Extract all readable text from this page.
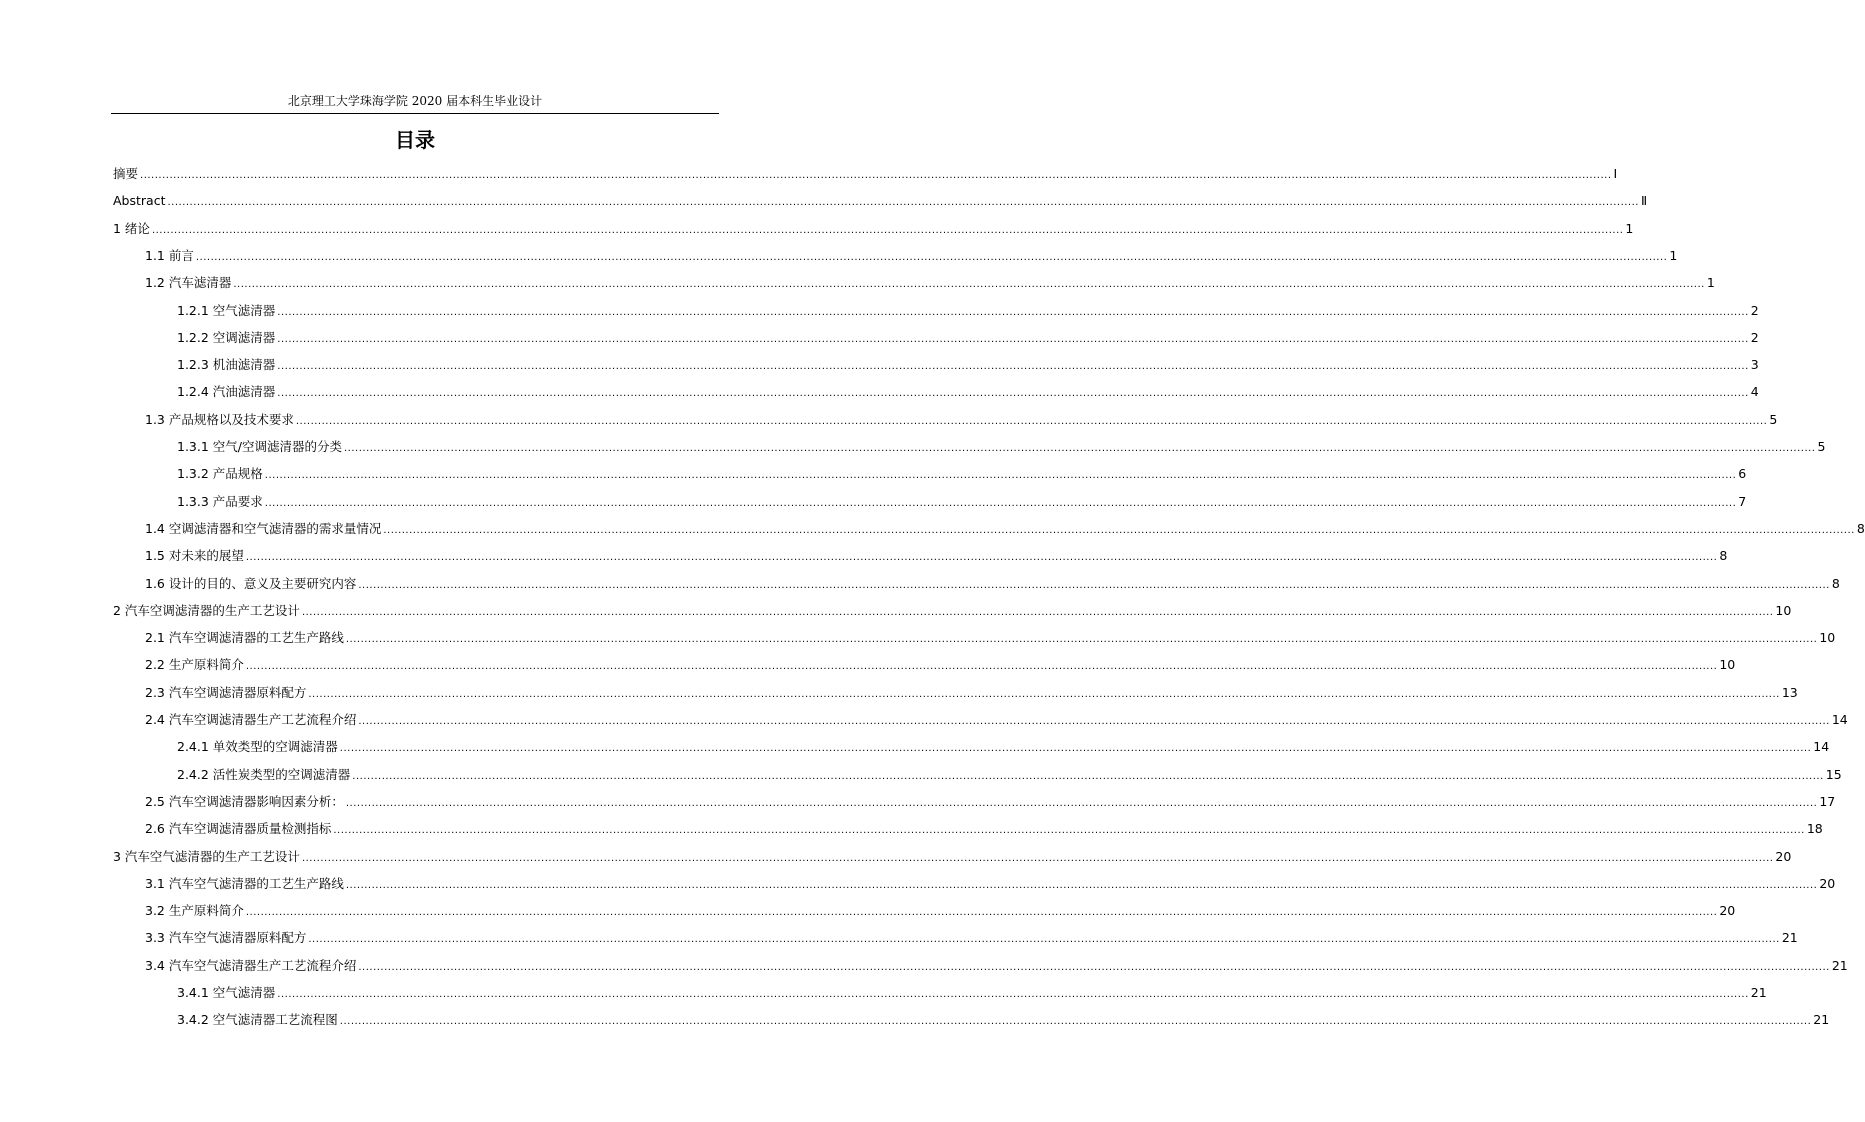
北京理工大学珠海学院 2020 届本科生毕业设计
目录
摘要 ................................................................................................................................................................................................................................................................................................................................................................................................................ Ⅰ
Abstract ................................................................................................................................................................................................................................................................................................................................................................................................................ Ⅱ
1 绪论 ................................................................................................................................................................................................................................................................................................................................................................................................................ 1
1.1 前言 ................................................................................................................................................................................................................................................................................................................................................................................................................ 1
1.2 汽车滤清器 ................................................................................................................................................................................................................................................................................................................................................................................................................ 1
1.2.1 空气滤清器 ................................................................................................................................................................................................................................................................................................................................................................................................................ 2
1.2.2 空调滤清器 ................................................................................................................................................................................................................................................................................................................................................................................................................ 2
1.2.3 机油滤清器 ................................................................................................................................................................................................................................................................................................................................................................................................................ 3
1.2.4 汽油滤清器 ................................................................................................................................................................................................................................................................................................................................................................................................................ 4
1.3 产品规格以及技术要求 ................................................................................................................................................................................................................................................................................................................................................................................................................ 5
1.3.1 空气/空调滤清器的分类 ................................................................................................................................................................................................................................................................................................................................................................................................................ 5
1.3.2 产品规格 ................................................................................................................................................................................................................................................................................................................................................................................................................ 6
1.3.3 产品要求 ................................................................................................................................................................................................................................................................................................................................................................................................................ 7
1.4 空调滤清器和空气滤清器的需求量情况 ................................................................................................................................................................................................................................................................................................................................................................................................................ 8
1.5 对未来的展望 ................................................................................................................................................................................................................................................................................................................................................................................................................ 8
1.6 设计的目的、意义及主要研究内容 ................................................................................................................................................................................................................................................................................................................................................................................................................ 8
2 汽车空调滤清器的生产工艺设计 ................................................................................................................................................................................................................................................................................................................................................................................................................ 10
2.1 汽车空调滤清器的工艺生产路线 ................................................................................................................................................................................................................................................................................................................................................................................................................ 10
2.2 生产原料简介 ................................................................................................................................................................................................................................................................................................................................................................................................................ 10
2.3 汽车空调滤清器原料配方 ................................................................................................................................................................................................................................................................................................................................................................................................................ 13
2.4 汽车空调滤清器生产工艺流程介绍 ................................................................................................................................................................................................................................................................................................................................................................................................................ 14
2.4.1 单效类型的空调滤清器 ................................................................................................................................................................................................................................................................................................................................................................................................................ 14
2.4.2 活性炭类型的空调滤清器 ................................................................................................................................................................................................................................................................................................................................................................................................................ 15
2.5 汽车空调滤清器影响因素分析： ................................................................................................................................................................................................................................................................................................................................................................................................................ 17
2.6 汽车空调滤清器质量检测指标 ................................................................................................................................................................................................................................................................................................................................................................................................................ 18
3 汽车空气滤清器的生产工艺设计 ................................................................................................................................................................................................................................................................................................................................................................................................................ 20
3.1 汽车空气滤清器的工艺生产路线 ................................................................................................................................................................................................................................................................................................................................................................................................................ 20
3.2 生产原料简介 ................................................................................................................................................................................................................................................................................................................................................................................................................ 20
3.3 汽车空气滤清器原料配方 ................................................................................................................................................................................................................................................................................................................................................................................................................ 21
3.4 汽车空气滤清器生产工艺流程介绍 ................................................................................................................................................................................................................................................................................................................................................................................................................ 21
3.4.1 空气滤清器 ................................................................................................................................................................................................................................................................................................................................................................................................................ 21
3.4.2 空气滤清器工艺流程图 ................................................................................................................................................................................................................................................................................................................................................................................................................ 21
